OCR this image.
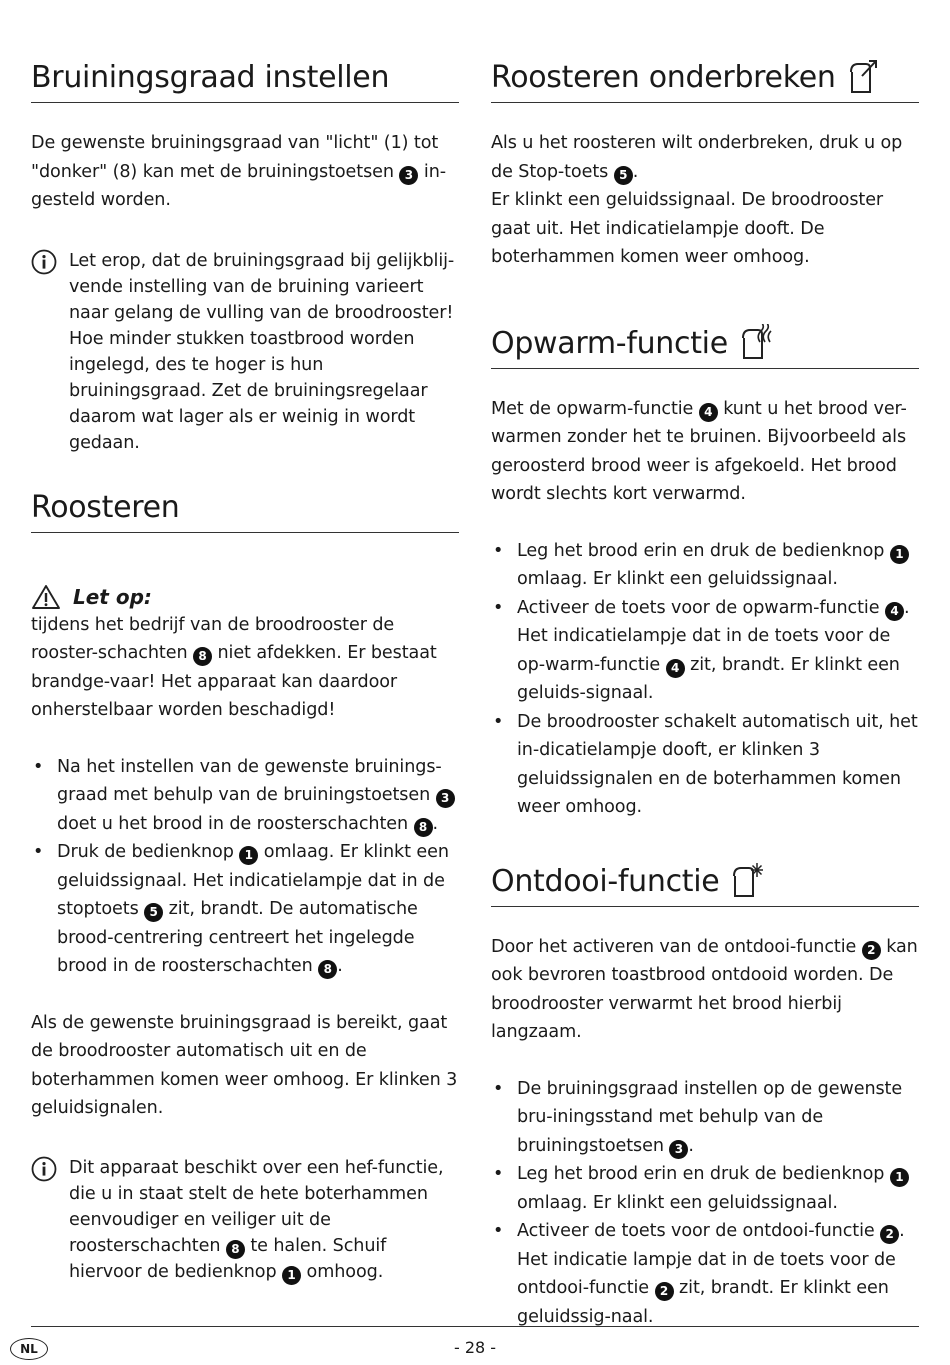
Bruiningsgraad instellen

De gewenste bruiningsgraad van "licht" (1) tot "donker" (8) kan met de bruiningstoetsen 3 in-gesteld worden.

Let erop, dat de bruiningsgraad bij gelijkblij-vende instelling van de bruining varieert naar gelang de vulling van de broodrooster! Hoe minder stukken toastbrood worden ingelegd, des te hoger is hun bruiningsgraad. Zet de bruiningsregelaar daarom wat lager als er weinig in wordt gedaan.
Roosteren
Let op:

tijdens het bedrijf van de broodrooster de rooster-schachten 8 niet afdekken. Er bestaat brandge-vaar! Het apparaat kan daardoor onherstelbaar worden beschadigd!

• Na het instellen van de gewenste bruinings-graad met behulp van de bruiningstoetsen 3 doet u het brood in de roosterschachten 8 .
• Druk de bedienknop 1 omlaag. Er klinkt een geluidssignaal. Het indicatielampje dat in de stoptoets 5 zit, brandt. De automatische brood-centrering centreert het ingelegde brood in de roosterschachten 8 .

Als de gewenste bruiningsgraad is bereikt, gaat de broodrooster automatisch uit en de boterhammen komen weer omhoog. Er klinken 3 geluidsignalen.

Dit apparaat beschikt over een hef-functie, die u in staat stelt de hete boterhammen eenvoudiger en veiliger uit de roosterschachten 8 te halen. Schuif hiervoor de bedienknop 1 omhoog.
Roosteren onderbreken

Als u het roosteren wilt onderbreken, druk u op de Stop-toets 5 .

Er klinkt een geluidssignaal. De broodrooster gaat uit. Het indicatielampje dooft. De boterhammen komen weer omhoog.

Opwarm-functie

Met de opwarm-functie 4 kunt u het brood ver-warmen zonder het te bruinen. Bijvoorbeeld als geroosterd brood weer is afgekoeld. Het brood wordt slechts kort verwarmd.

• Leg het brood erin en druk de bedienknop 1 omlaag. Er klinkt een geluidssignaal.
• Activeer de toets voor de opwarm-functie 4 . Het indicatielampje dat in de toets voor de op-warm-functie 4 zit, brandt. Er klinkt een geluids-signaal.
• De broodrooster schakelt automatisch uit, het in-dicatielampje dooft, er klinken 3 geluidssignalen en de boterhammen komen weer omhoog.
Ontdooi-functie

Door het activeren van de ontdooi-functie 2 kan ook bevroren toastbrood ontdooid worden. De broodrooster verwarmt het brood hierbij langzaam.

• De bruiningsgraad instellen op de gewenste bru-iningsstand met behulp van de bruiningstoetsen 3 .
• Leg het brood erin en druk de bedienknop 1 omlaag. Er klinkt een geluidssignaal.
• Activeer de toets voor de ontdooi-functie 2 . Het indicatie lampje dat in de toets voor de ontdooi-functie 2 zit, brandt. Er klinkt een geluidssig-naal.
NL	- 28 -
